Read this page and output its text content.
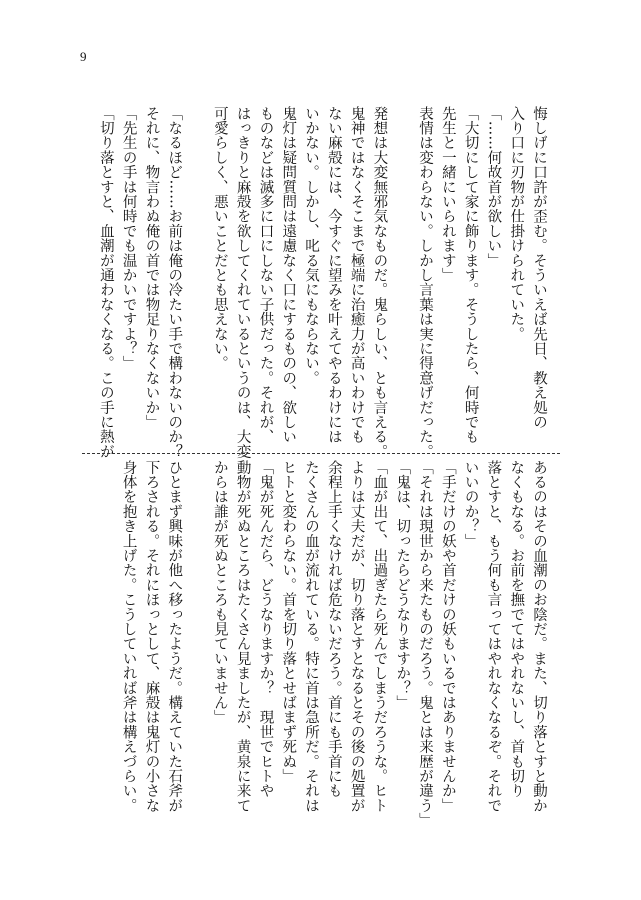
9
悔しげに口許が歪む。そういえば先日、教え処の
入り口に刃物が仕掛けられていた。
「……何故首が欲しい」
「大切にして家に飾ります。そうしたら、何時でも
先生と一緒にいられます」
表情は変わらない。しかし言葉は実に得意げだった。

発想は大変無邪気なものだ。鬼らしい、とも言える。
鬼神ではなくそこまで極端に治癒力が高いわけでも
ない麻殻には、今すぐに望みを叶えてやるわけには
いかない。しかし、叱る気にもならない。
鬼灯は疑問質問は遠慮なく口にするものの、欲しい
ものなどは滅多に口にしない子供だった。それが、
はっきりと麻殻を欲してくれているというのは、大変
可愛らしく、悪いことだとも思えない。

「なるほど……お前は俺の冷たい手で構わないのか？
それに、物言わぬ俺の首では物足りなくないか」
「先生の手は何時でも温かいですよ？」
「切り落とすと、血潮が通わなくなる。この手に熱が
あるのはその血潮のお陰だ。また、切り落とすと動か
なくもなる。お前を撫でてはやれないし、首も切り
落とすと、もう何も言ってはやれなくなるぞ。それで
いいのか？」
「手だけの妖や首だけの妖もいるではありませんか」
「それは現世から来たものだろう。鬼とは来歴が違う」
「鬼は、切ったらどうなりますか？」
「血が出て、出過ぎたら死んでしまうだろうな。ヒト
よりは丈夫だが、切り落とすとなるとその後の処置が
余程上手くなければ危ないだろう。首にも手首にも
たくさんの血が流れている。特に首は急所だ。それは
ヒトと変わらない。首を切り落とせばまず死ぬ」
「鬼が死んだら、どうなりますか？　現世でヒトや
動物が死ぬところはたくさん見ましたが、黄泉に来て
からは誰が死ぬところも見ていません」

ひとまず興味が他へ移ったようだ。構えていた石斧が
下ろされる。それにほっとして、麻殻は鬼灯の小さな
身体を抱き上げた。こうしていれば斧は構えづらい。
